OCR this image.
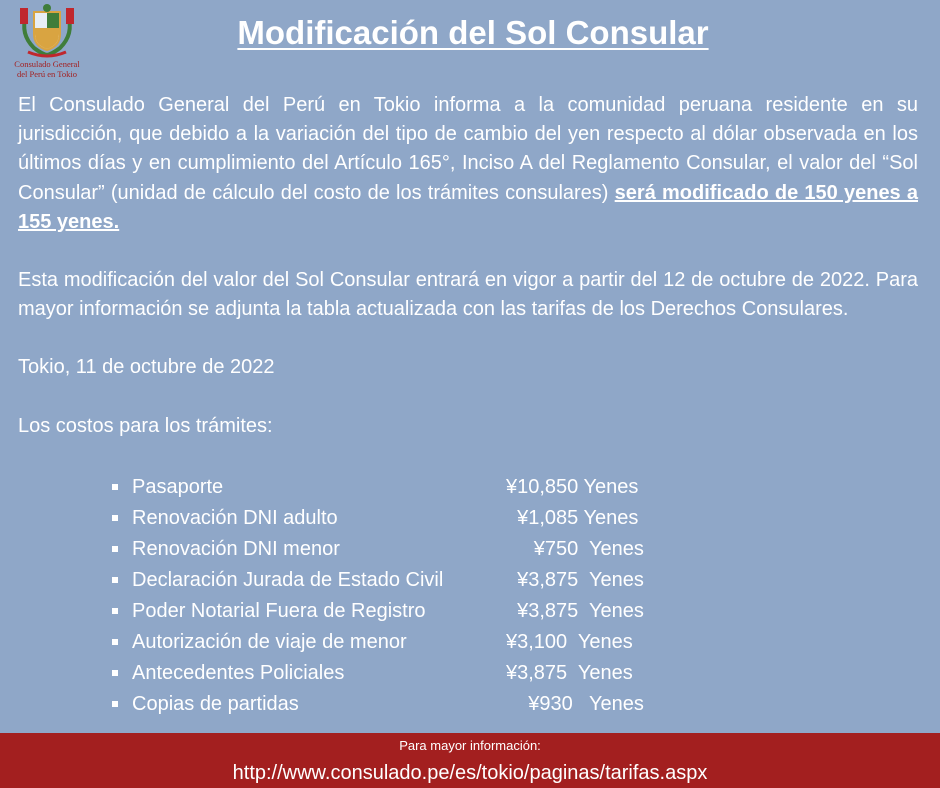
Consulado General
del Perú en Tokio
Modificación del Sol Consular

El Consulado General del Perú en Tokio informa a la comunidad peruana residente en su jurisdicción, que debido a la variación del tipo de cambio del yen respecto al dólar observada en los últimos días y en cumplimiento del Artículo 165°, Inciso A del Reglamento Consular, el valor del “Sol Consular” (unidad de cálculo del costo de los trámites consulares) será modificado de 150 yenes a 155 yenes.

Esta modificación del valor del Sol Consular entrará en vigor a partir del 12 de octubre de 2022. Para mayor información se adjunta la tabla actualizada con las tarifas de los Derechos Consulares.

Tokio, 11 de octubre de 2022

Los costos para los trámites:

Pasaporte	¥10,850 Yenes
Renovación DNI adulto	¥1,085 Yenes
Renovación DNI menor	¥750  Yenes
Declaración Jurada de Estado Civil	¥3,875  Yenes
Poder Notarial Fuera de Registro	¥3,875  Yenes
Autorización de viaje de menor	¥3,100  Yenes
Antecedentes Policiales	¥3,875  Yenes
Copias de partidas	¥930   Yenes
Para mayor información:
http://www.consulado.pe/es/tokio/paginas/tarifas.aspx
